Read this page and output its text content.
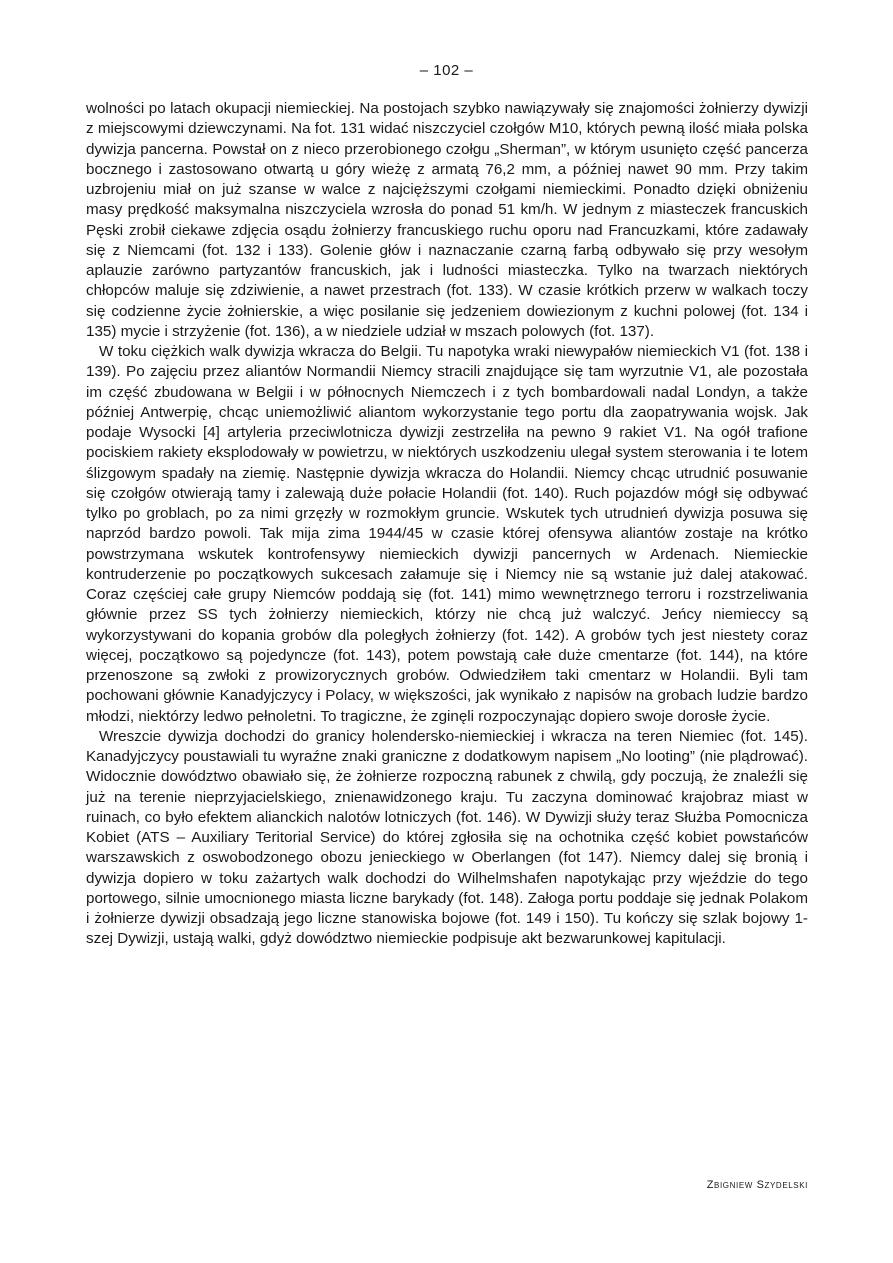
– 102 –

wolności po latach okupacji niemieckiej. Na postojach szybko nawiązywały się znajomości żołnierzy dywizji z miejscowymi dziewczynami. Na fot. 131 widać niszczyciel czołgów M10, których pewną ilość miała polska dywizja pancerna. Powstał on z nieco przerobionego czołgu „Sherman”, w którym usunięto część pancerza bocznego i zastosowano otwartą u góry wieżę z armatą 76,2 mm, a później nawet 90 mm. Przy takim uzbrojeniu miał on już szanse w walce z najcięższymi czołgami niemieckimi. Ponadto dzięki obniżeniu masy prędkość maksymalna niszczyciela wzrosła do ponad 51 km/h. W jednym z miasteczek francuskich Pęski zrobił ciekawe zdjęcia osądu żołnierzy francuskiego ruchu oporu nad Francuzkami, które zadawały się z Niemcami (fot. 132 i 133). Golenie głów i naznaczanie czarną farbą odbywało się przy wesołym aplauzie zarówno partyzantów francuskich, jak i ludności miasteczka. Tylko na twarzach niektórych chłopców maluje się zdziwienie, a nawet przestrach (fot. 133). W czasie krótkich przerw w walkach toczy się codzienne życie żołnierskie, a więc posilanie się jedzeniem dowiezionym z kuchni polowej (fot. 134 i 135) mycie i strzyżenie (fot. 136), a w niedziele udział w mszach polowych (fot. 137).

W toku ciężkich walk dywizja wkracza do Belgii. Tu napotyka wraki niewypałów niemieckich V1 (fot. 138 i 139). Po zajęciu przez aliantów Normandii Niemcy stracili znajdujące się tam wyrzutnie V1, ale pozostała im część zbudowana w Belgii i w północnych Niemczech i z tych bombardowali nadal Londyn, a także później Antwerpię, chcąc uniemożliwić aliantom wykorzystanie tego portu dla zaopatrywania wojsk. Jak podaje Wysocki [4] artyleria przeciwlotnicza dywizji zestrzeliła na pewno 9 rakiet V1. Na ogół trafione pociskiem rakiety eksplodowały w powietrzu, w niektórych uszkodzeniu ulegał system sterowania i te lotem ślizgowym spadały na ziemię. Następnie dywizja wkracza do Holandii. Niemcy chcąc utrudnić posuwanie się czołgów otwierają tamy i zalewają duże połacie Holandii (fot. 140). Ruch pojazdów mógł się odbywać tylko po groblach, po za nimi grzęzły w rozmokłym gruncie. Wskutek tych utrudnień dywizja posuwa się naprzód bardzo powoli. Tak mija zima 1944/45 w czasie której ofensywa aliantów zostaje na krótko powstrzymana wskutek kontrofensywy niemieckich dywizji pancernych w Ardenach. Niemieckie kontruderzenie po początkowych sukcesach załamuje się i Niemcy nie są wstanie już dalej atakować. Coraz częściej całe grupy Niemców poddają się (fot. 141) mimo wewnętrznego terroru i rozstrzeliwania głównie przez SS tych żołnierzy niemieckich, którzy nie chcą już walczyć. Jeńcy niemieccy są wykorzystywani do kopania grobów dla poległych żołnierzy (fot. 142). A grobów tych jest niestety coraz więcej, początkowo są pojedyncze (fot. 143), potem powstają całe duże cmentarze (fot. 144), na które przenoszone są zwłoki z prowizorycznych grobów. Odwiedziłem taki cmentarz w Holandii. Byli tam pochowani głównie Kanadyjczycy i Polacy, w większości, jak wynikało z napisów na grobach ludzie bardzo młodzi, niektórzy ledwo pełnoletni. To tragiczne, że zginęli rozpoczynając dopiero swoje dorosłe życie.

Wreszcie dywizja dochodzi do granicy holendersko-niemieckiej i wkracza na teren Niemiec (fot. 145). Kanadyjczycy poustawiali tu wyraźne znaki graniczne z dodatkowym napisem „No looting” (nie plądrować). Widocznie dowództwo obawiało się, że żołnierze rozpoczną rabunek z chwilą, gdy poczują, że znaleźli się już na terenie nieprzyjacielskiego, znienawidzonego kraju. Tu zaczyna dominować krajobraz miast w ruinach, co było efektem alianckich nalotów lotniczych (fot. 146). W Dywizji służy teraz Służba Pomocnicza Kobiet (ATS – Auxiliary Teritorial Service) do której zgłosiła się na ochotnika część kobiet powstańców warszawskich z oswobodzonego obozu jenieckiego w Oberlangen (fot 147). Niemcy dalej się bronią i dywizja dopiero w toku zażartych walk dochodzi do Wilhelmshafen napotykając przy wjeździe do tego portowego, silnie umocnionego miasta liczne barykady (fot. 148). Załoga portu poddaje się jednak Polakom i żołnierze dywizji obsadzają jego liczne stanowiska bojowe (fot. 149 i 150). Tu kończy się szlak bojowy 1-szej Dywizji, ustają walki, gdyż dowództwo niemieckie podpisuje akt bezwarunkowej kapitulacji.

Zbigniew Szydelski
